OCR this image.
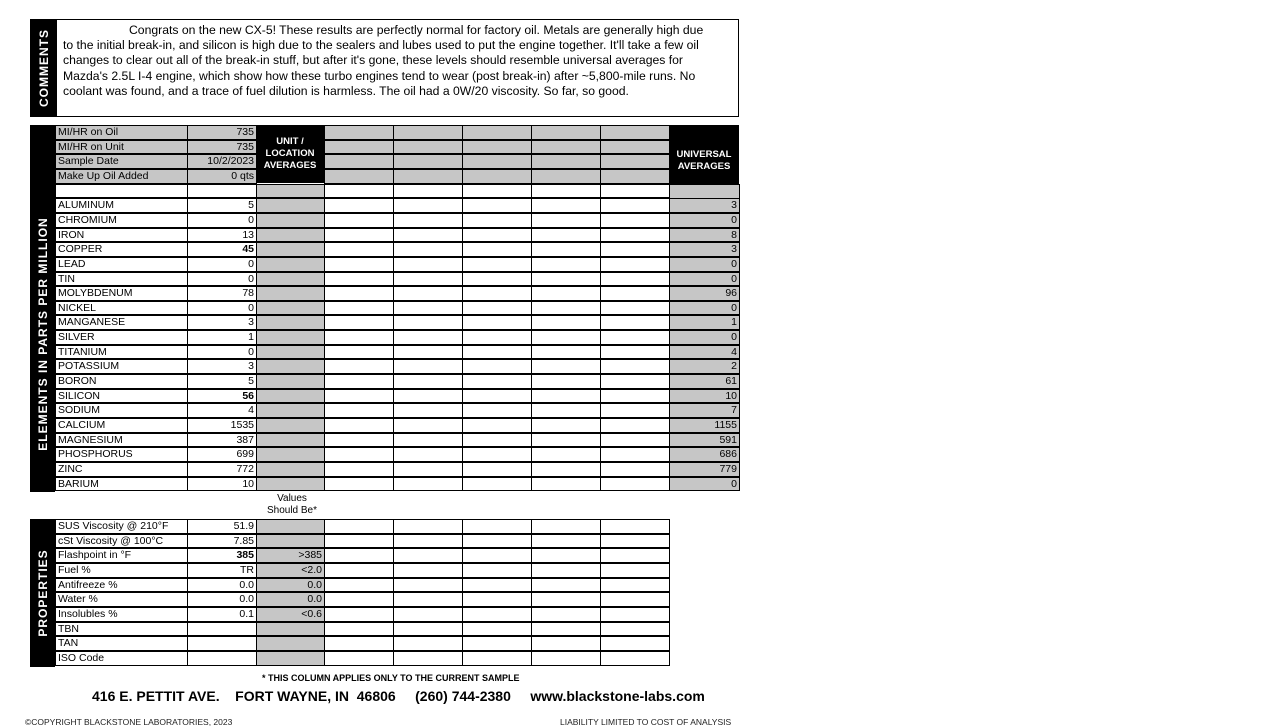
COMMENTS	Congrats on the new CX-5! These results are perfectly normal for factory oil. Metals are generally high due to the initial break-in, and silicon is high due to the sealers and lubes used to put the engine together. It'll take a few oil changes to clear out all of the break-in stuff, but after it's gone, these levels should resemble universal averages for Mazda's 2.5L I-4 engine, which show how these turbo engines tend to wear (post break-in) after ~5,800-mile runs. No coolant was found, and a trace of fuel dilution is harmless. The oil had a 0W/20 viscosity. So far, so good.
ELEMENTS IN PARTS PER MILLION
MI/HR on Oil	735
MI/HR on Unit	735
Sample Date	10/2/2023
Make Up Oil Added	0 qts
UNIT / LOCATION AVERAGES
UNIVERSAL AVERAGES
ALUMINUM	5	3
CHROMIUM	0	0
IRON	13	8
COPPER	45	3
LEAD	0	0
TIN	0	0
MOLYBDENUM	78	96
NICKEL	0	0
MANGANESE	3	1
SILVER	1	0
TITANIUM	0	4
POTASSIUM	3	2
BORON	5	61
SILICON	56	10
SODIUM	4	7
CALCIUM	1535	1155
MAGNESIUM	387	591
PHOSPHORUS	699	686
ZINC	772	779
BARIUM	10	0
Values Should Be*
PROPERTIES
SUS Viscosity @ 210°F	51.9
cSt Viscosity @ 100°C	7.85
Flashpoint in °F	385	>385
Fuel %	TR	<2.0
Antifreeze %	0.0	0.0
Water %	0.0	0.0
Insolubles %	0.1	<0.6
TBN
TAN
ISO Code
* THIS COLUMN APPLIES ONLY TO THE CURRENT SAMPLE
416 E. PETTIT AVE.    FORT WAYNE, IN  46806     (260) 744-2380     www.blackstone-labs.com
©COPYRIGHT BLACKSTONE LABORATORIES, 2023	LIABILITY LIMITED TO COST OF ANALYSIS
